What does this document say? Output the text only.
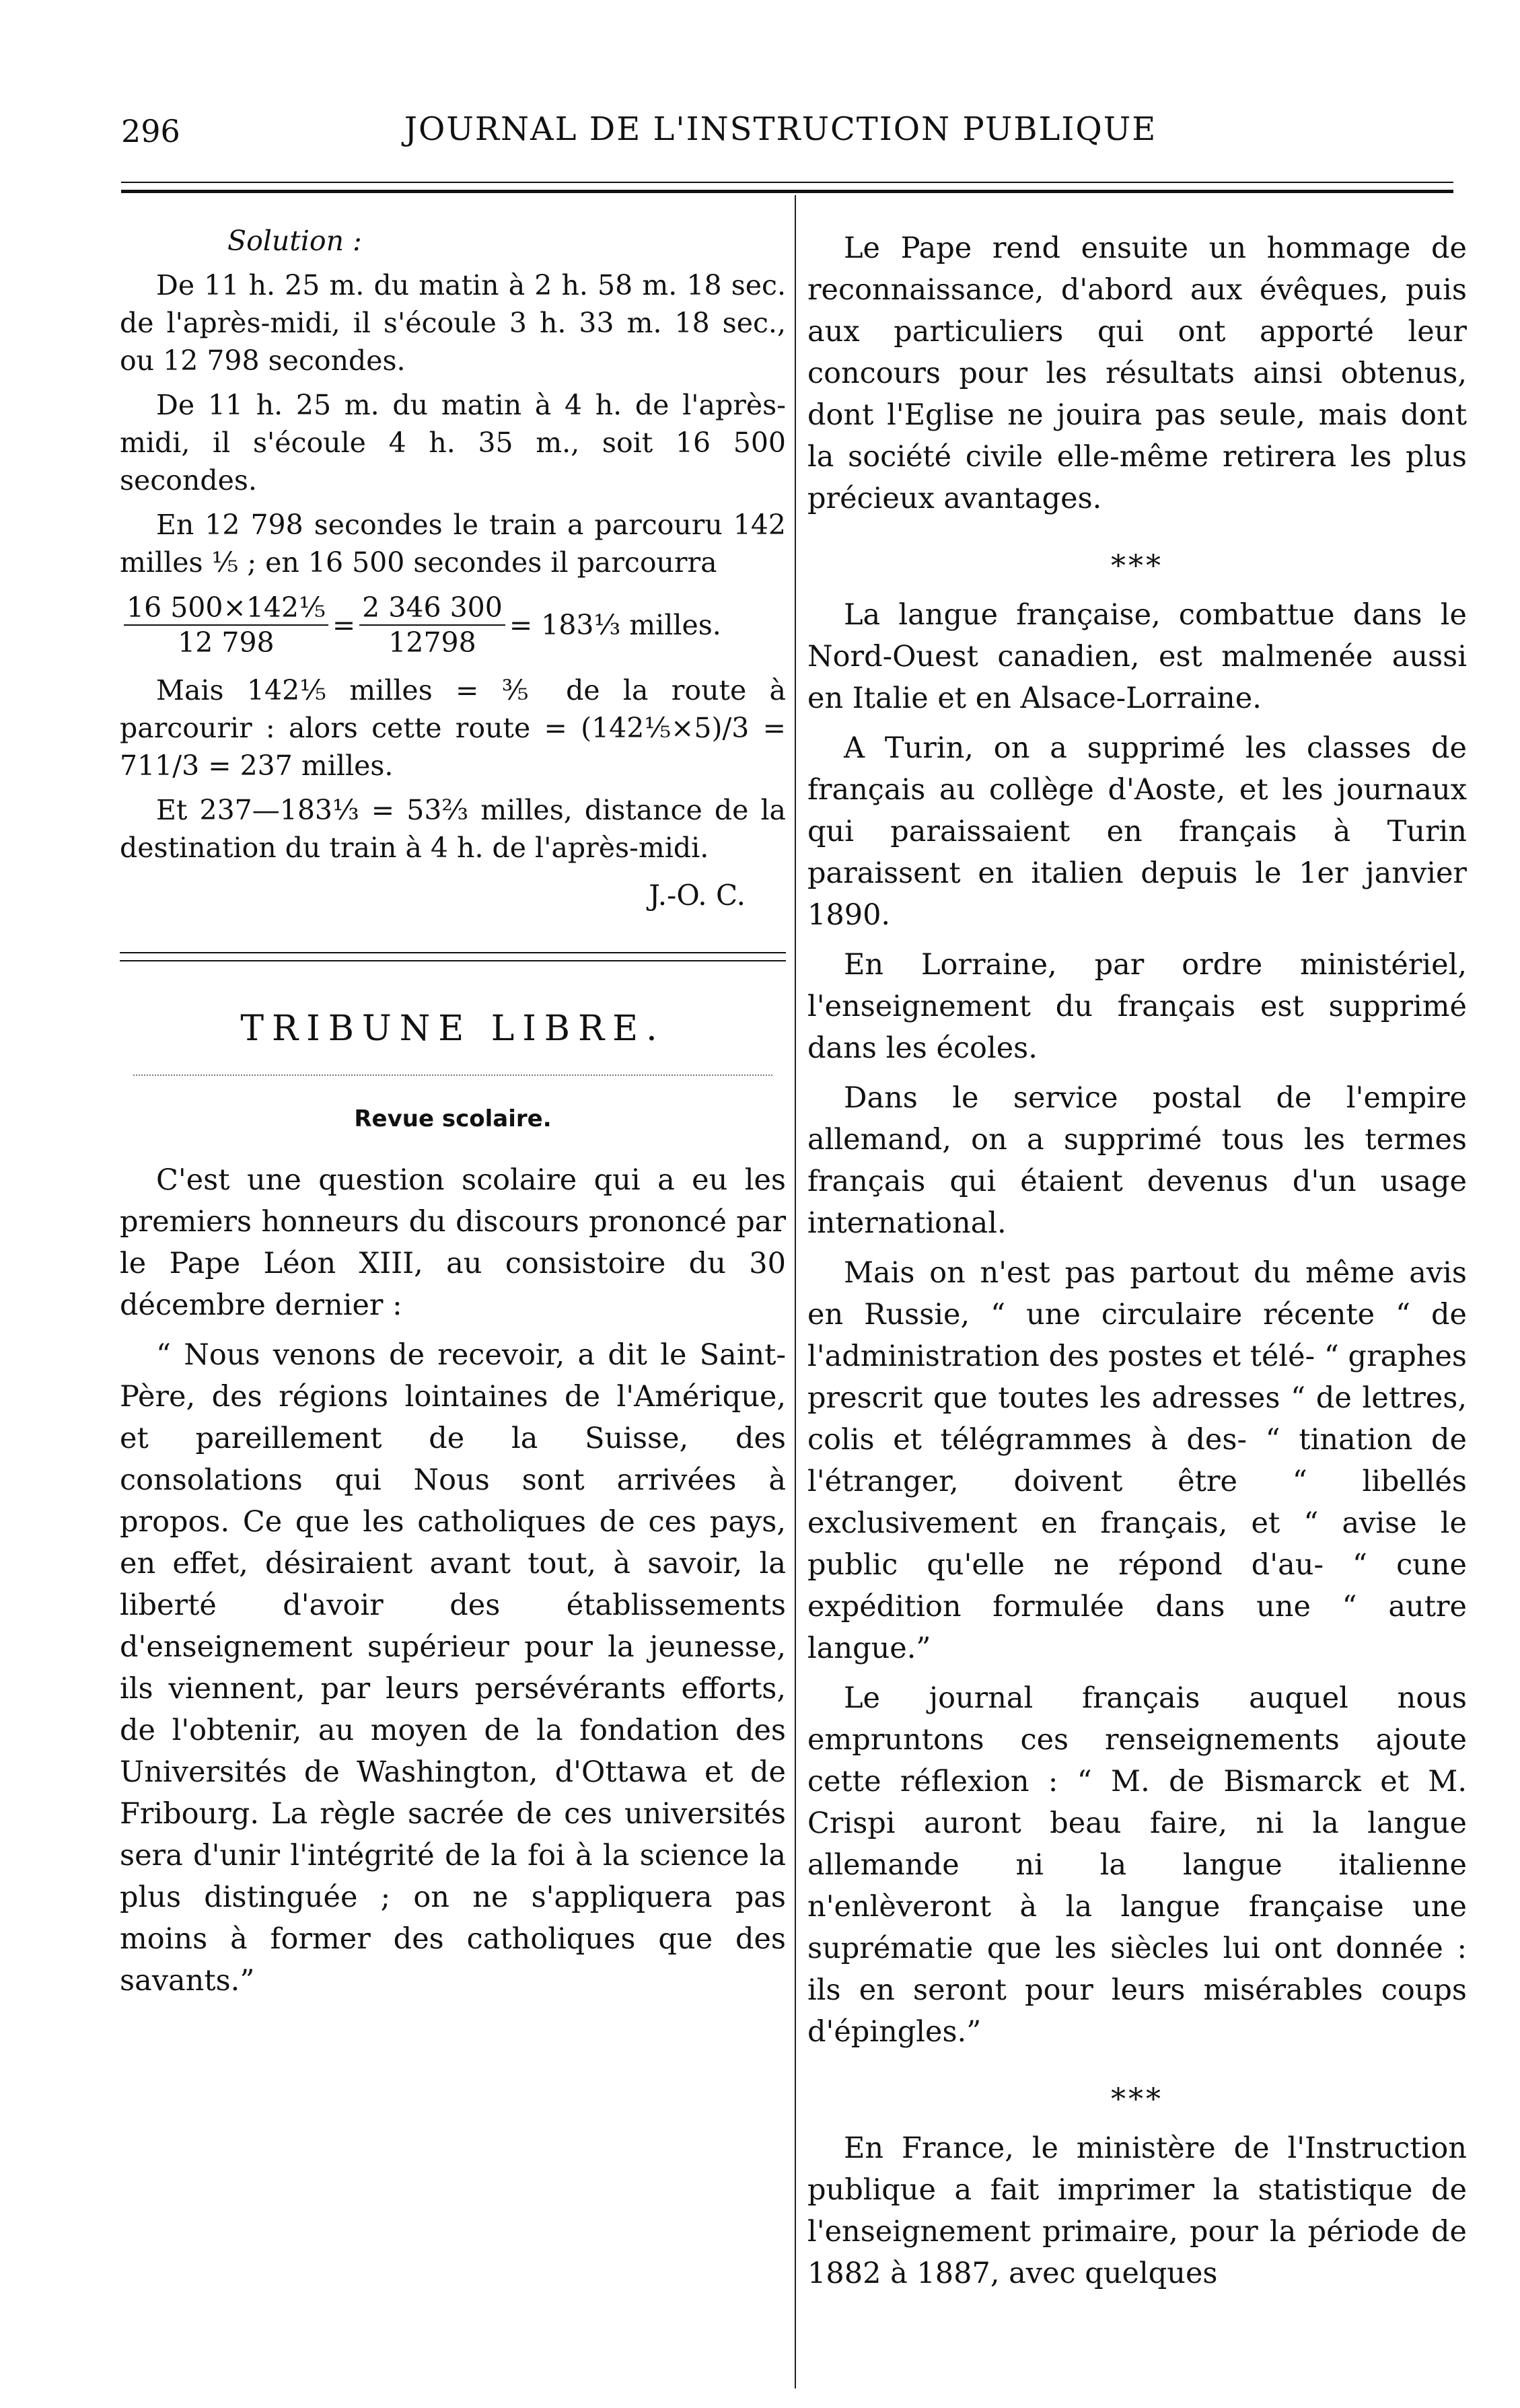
296	JOURNAL DE L'INSTRUCTION PUBLIQUE

Solution :

De 11 h. 25 m. du matin à 2 h. 58 m. 18 sec. de l'après-midi, il s'écoule 3 h. 33 m. 18 sec., ou 12 798 secondes.

De 11 h. 25 m. du matin à 4 h. de l'après-midi, il s'écoule 4 h. 35 m., soit 16 500 secondes.

En 12 798 secondes le train a parcouru 142 milles ⅕ ; en 16 500 secondes il parcourra

$\frac{\text{16 500×142⅕}}{12 798} = \frac{2 346 300}{12798}$ = 183⅓ milles.

Mais 142⅕ milles = ⅗ de la route à parcourir : alors cette route = (142⅕×5)/3 = 711/3 = 237 milles.

Et 237—183⅓ = 53⅔ milles, distance de la destination du train à 4 h. de l'après-midi.

J.-O. C.
TRIBUNE LIBRE.
Revue scolaire.

C'est une question scolaire qui a eu les premiers honneurs du discours prononcé par le Pape Léon XIII, au consistoire du 30 décembre dernier :

“ Nous venons de recevoir, a dit le Saint-Père, des régions lointaines de l'Amérique, et pareillement de la Suisse, des consolations qui Nous sont arrivées à propos. Ce que les catholiques de ces pays, en effet, désiraient avant tout, à savoir, la liberté d'avoir des établissements d'enseignement supérieur pour la jeunesse, ils viennent, par leurs persévérants efforts, de l'obtenir, au moyen de la fondation des Universités de Washington, d'Ottawa et de Fribourg. La règle sacrée de ces universités sera d'unir l'intégrité de la foi à la science la plus distinguée ; on ne s'appliquera pas moins à former des catholiques que des savants.”

Le Pape rend ensuite un hommage de reconnaissance, d'abord aux évêques, puis aux particuliers qui ont apporté leur concours pour les résultats ainsi obtenus, dont l'Eglise ne jouira pas seule, mais dont la société civile elle-même retirera les plus précieux avantages.

⁎⁎⁎

La langue française, combattue dans le Nord-Ouest canadien, est malmenée aussi en Italie et en Alsace-Lorraine.

A Turin, on a supprimé les classes de français au collège d'Aoste, et les journaux qui paraissaient en français à Turin paraissent en italien depuis le 1er janvier 1890.

En Lorraine, par ordre ministériel, l'enseignement du français est supprimé dans les écoles.

Dans le service postal de l'empire allemand, on a supprimé tous les termes français qui étaient devenus d'un usage international.

Mais on n'est pas partout du même avis en Russie, “ une circulaire récente “ de l'administration des postes et télé- “ graphes prescrit que toutes les adresses “ de lettres, colis et télégrammes à des- “ tination de l'étranger, doivent être “ libellés exclusivement en français, et “ avise le public qu'elle ne répond d'au- “ cune expédition formulée dans une “ autre langue.”

Le journal français auquel nous empruntons ces renseignements ajoute cette réflexion : “ M. de Bismarck et M. Crispi auront beau faire, ni la langue allemande ni la langue italienne n'enlèveront à la langue française une suprématie que les siècles lui ont donnée : ils en seront pour leurs misérables coups d'épingles.”

⁎⁎⁎

En France, le ministère de l'Instruction publique a fait imprimer la statistique de l'enseignement primaire, pour la période de 1882 à 1887, avec quelques
